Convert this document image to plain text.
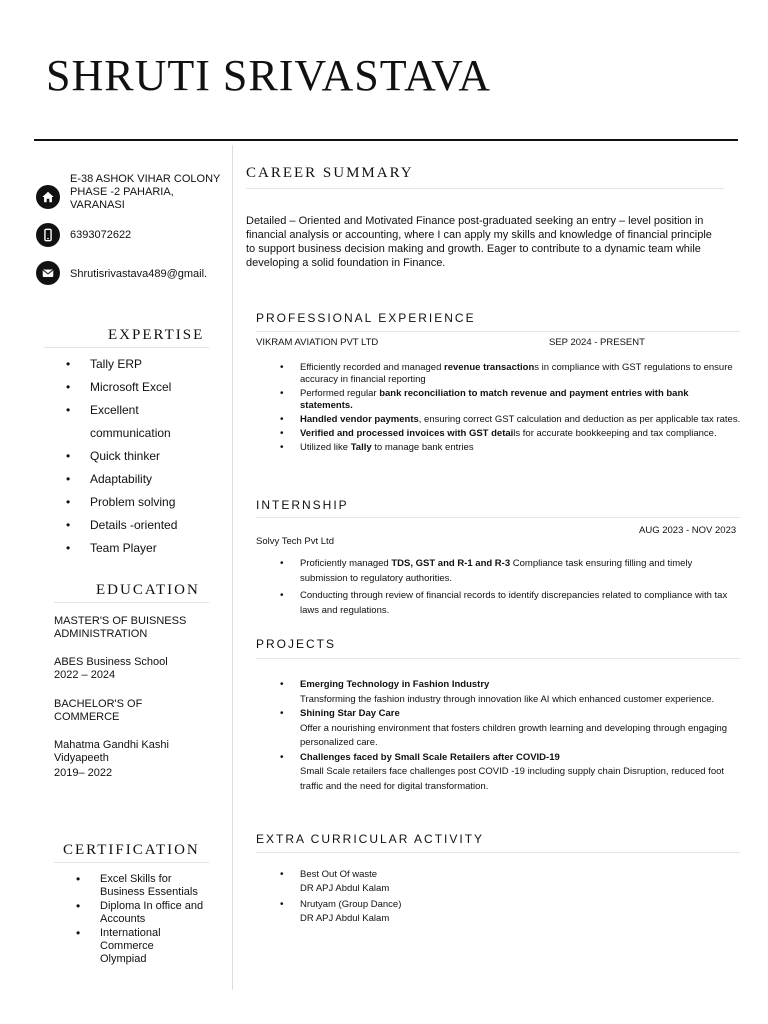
SHRUTI SRIVASTAVA
E-38 ASHOK VIHAR COLONY PHASE -2 PAHARIA, VARANASI
6393072622
Shrutisrivastava489@gmail.
EXPERTISE
• Tally ERP
• Microsoft Excel
• Excellent communication
• Quick thinker
• Adaptability
• Problem solving
• Details -oriented
• Team Player
EDUCATION
MASTER'S OF BUISNESS ADMINISTRATION
ABES Business School
2022 – 2024
BACHELOR'S OF COMMERCE
Mahatma Gandhi Kashi Vidyapeeth
2019– 2022
CERTIFICATION
• Excel Skills for Business Essentials
• Diploma In office and Accounts
• International Commerce Olympiad
CAREER SUMMARY
Detailed – Oriented and Motivated Finance post-graduated seeking an entry – level position in financial analysis or accounting, where I can apply my skills and knowledge of financial principle to support business decision making and growth. Eager to contribute to a dynamic team while developing a solid foundation in Finance.
PROFESSIONAL EXPERIENCE
VIKRAM AVIATION PVT LTD	SEP 2024 - PRESENT
• Efficiently recorded and managed revenue transactions in compliance with GST regulations to ensure accuracy in financial reporting
• Performed regular bank reconciliation to match revenue and payment entries with bank statements.
• Handled vendor payments, ensuring correct GST calculation and deduction as per applicable tax rates.
• Verified and processed invoices with GST details for accurate bookkeeping and tax compliance.
• Utilized like Tally to manage bank entries
INTERNSHIP
AUG 2023 - NOV 2023
Solvy Tech Pvt Ltd
• Proficiently managed TDS, GST and R-1 and R-3 Compliance task ensuring filling and timely submission to regulatory authorities.
• Conducting through review of financial records to identify discrepancies related to compliance with tax laws and regulations.
PROJECTS
• Emerging Technology in Fashion Industry
Transforming the fashion industry through innovation like AI which enhanced customer experience.
• Shining Star Day Care
Offer a nourishing environment that fosters children growth learning and developing through engaging personalized care.
• Challenges faced by Small Scale Retailers after COVID-19
Small Scale retailers face challenges post COVID -19 including supply chain Disruption, reduced foot traffic and the need for digital transformation.
EXTRA CURRICULAR ACTIVITY
• Best Out Of waste
DR APJ Abdul Kalam
• Nrutyam (Group Dance)
DR APJ Abdul Kalam
